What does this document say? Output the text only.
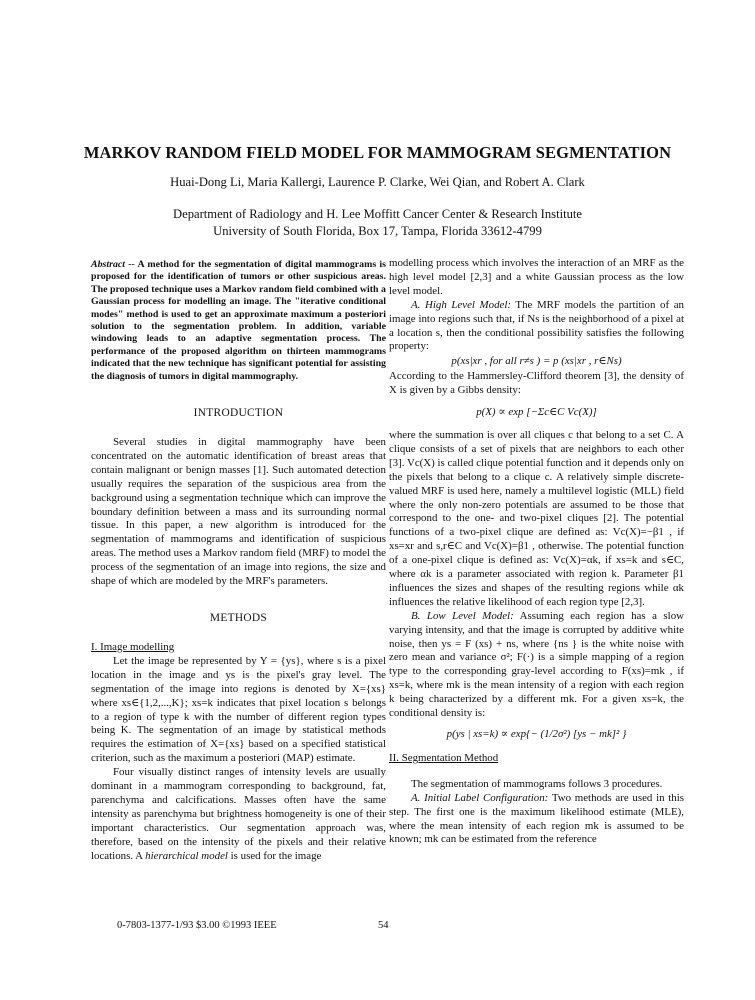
MARKOV RANDOM FIELD MODEL FOR MAMMOGRAM SEGMENTATION
Huai-Dong Li, Maria Kallergi, Laurence P. Clarke, Wei Qian, and Robert A. Clark
Department of Radiology and H. Lee Moffitt Cancer Center & Research Institute
University of South Florida, Box 17, Tampa, Florida 33612-4799
Abstract -- A method for the segmentation of digital mammograms is proposed for the identification of tumors or other suspicious areas. The proposed technique uses a Markov random field combined with a Gaussian process for modelling an image. The "iterative conditional modes" method is used to get an approximate maximum a posteriori solution to the segmentation problem. In addition, variable windowing leads to an adaptive segmentation process. The performance of the proposed algorithm on thirteen mammograms indicated that the new technique has significant potential for assisting the diagnosis of tumors in digital mammography.
INTRODUCTION

Several studies in digital mammography have been concentrated on the automatic identification of breast areas that contain malignant or benign masses [1]. Such automated detection usually requires the separation of the suspicious area from the background using a segmentation technique which can improve the boundary definition between a mass and its surrounding normal tissue. In this paper, a new algorithm is introduced for the segmentation of mammograms and identification of suspicious areas. The method uses a Markov random field (MRF) to model the process of the segmentation of an image into regions, the size and shape of which are modeled by the MRF's parameters.

METHODS

I. Image modelling

Let the image be represented by Y = {ys}, where s is a pixel location in the image and ys is the pixel's gray level. The segmentation of the image into regions is denoted by X={xs} where xs∈{1,2,...,K}; xs=k indicates that pixel location s belongs to a region of type k with the number of different region types being K. The segmentation of an image by statistical methods requires the estimation of X={xs} based on a specified statistical criterion, such as the maximum a posteriori (MAP) estimate.

Four visually distinct ranges of intensity levels are usually dominant in a mammogram corresponding to background, fat, parenchyma and calcifications. Masses often have the same intensity as parenchyma but brightness homogeneity is one of their important characteristics. Our segmentation approach was, therefore, based on the intensity of the pixels and their relative locations. A hierarchical model is used for the image

modelling process which involves the interaction of an MRF as the high level model [2,3] and a white Gaussian process as the low level model.

A. High Level Model: The MRF models the partition of an image into regions such that, if Ns is the neighborhood of a pixel at a location s, then the conditional possibility satisfies the following property:

p(xs|xr , for all r≠s ) = p (xs|xr , r∈Ns)

According to the Hammersley-Clifford theorem [3], the density of X is given by a Gibbs density:

p(X) ∝ exp [−Σc∈C Vc(X)]

where the summation is over all cliques c that belong to a set C. A clique consists of a set of pixels that are neighbors to each other [3]. Vc(X) is called clique potential function and it depends only on the pixels that belong to a clique c. A relatively simple discrete-valued MRF is used here, namely a multilevel logistic (MLL) field where the only non-zero potentials are assumed to be those that correspond to the one- and two-pixel cliques [2]. The potential functions of a two-pixel clique are defined as: Vc(X)=−β1 , if xs=xr and s,r∈C and Vc(X)=β1 , otherwise. The potential function of a one-pixel clique is defined as: Vc(X)=αk, if xs=k and s∈C, where αk is a parameter associated with region k. Parameter β1 influences the sizes and shapes of the resulting regions while αk influences the relative likelihood of each region type [2,3].

B. Low Level Model: Assuming each region has a slow varying intensity, and that the image is corrupted by additive white noise, then ys = F (xs) + ns, where {ns } is the white noise with zero mean and variance σ²; F(·) is a simple mapping of a region type to the corresponding gray-level according to F(xs)=mk , if xs=k, where mk is the mean intensity of a region with each region k being characterized by a different mk. For a given xs=k, the conditional density is:

p(ys | xs=k) ∝ exp{− (1/2σ²) [ys − mk]² }

II. Segmentation Method

The segmentation of mammograms follows 3 procedures.

A. Initial Label Configuration: Two methods are used in this step. The first one is the maximum likelihood estimate (MLE), where the mean intensity of each region mk is assumed to be known; mk can be estimated from the reference

0-7803-1377-1/93 $3.00 ©1993 IEEE	54
